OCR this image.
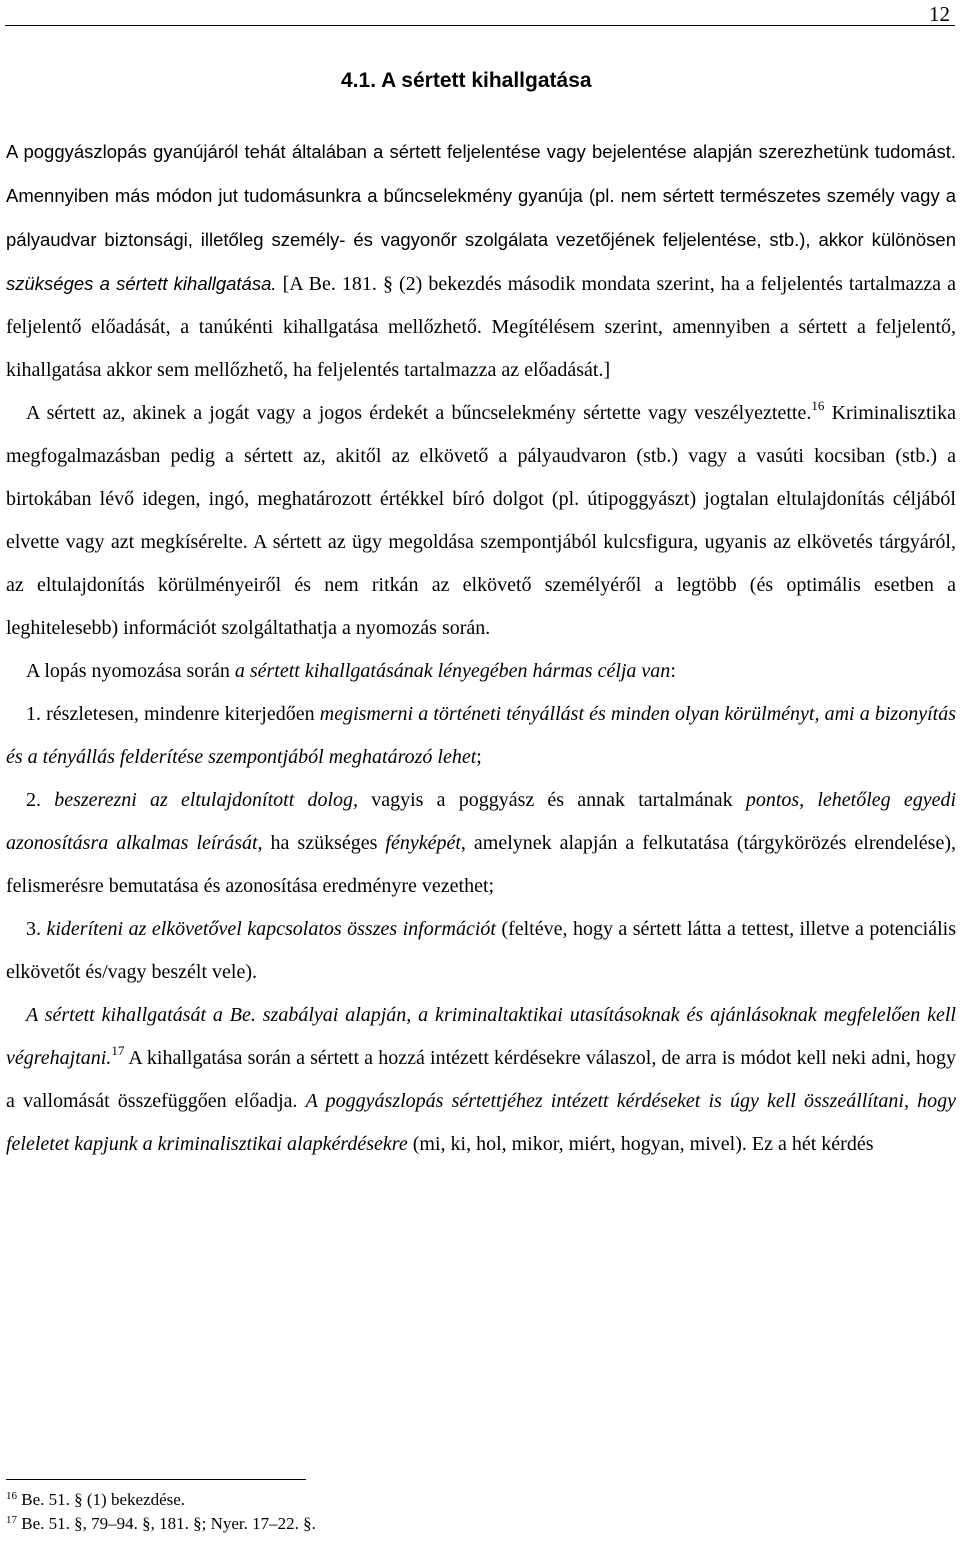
12
4.1. A sértett kihallgatása

A poggyászlopás gyanújáról tehát általában a sértett feljelentése vagy bejelentése alapján szerezhetünk tudomást. Amennyiben más módon jut tudomásunkra a bűncselekmény gyanúja (pl. nem sértett természetes személy vagy a pályaudvar biztonsági, illetőleg személy- és vagyonőr szolgálata vezetőjének feljelentése, stb.), akkor különösen szükséges a sértett kihallgatása. [A Be. 181. § (2) bekezdés második mondata szerint, ha a feljelentés tartalmazza a feljelentő előadását, a tanúkénti kihallgatása mellőzhető. Megítélésem szerint, amennyiben a sértett a feljelentő, kihallgatása akkor sem mellőzhető, ha feljelentés tartalmazza az előadását.]

A sértett az, akinek a jogát vagy a jogos érdekét a bűncselekmény sértette vagy veszélyeztette.$^{16}$ Kriminalisztika megfogalmazásban pedig a sértett az, akitől az elkövető a pályaudvaron (stb.) vagy a vasúti kocsiban (stb.) a birtokában lévő idegen, ingó, meghatározott értékkel bíró dolgot (pl. útipoggyászt) jogtalan eltulajdonítás céljából elvette vagy azt megkísérelte. A sértett az ügy megoldása szempontjából kulcsfigura, ugyanis az elkövetés tárgyáról, az eltulajdonítás körülményeiről és nem ritkán az elkövető személyéről a legtöbb (és optimális esetben a leghitelesebb) információt szolgáltathatja a nyomozás során.

A lopás nyomozása során a sértett kihallgatásának lényegében hármas célja van:

1. részletesen, mindenre kiterjedően megismerni a történeti tényállást és minden olyan körülményt, ami a bizonyítás és a tényállás felderítése szempontjából meghatározó lehet;

2. beszerezni az eltulajdonított dolog, vagyis a poggyász és annak tartalmának pontos, lehetőleg egyedi azonosításra alkalmas leírását, ha szükséges fényképét, amelynek alapján a felkutatása (tárgykörözés elrendelése), felismerésre bemutatása és azonosítása eredményre vezethet;

3. kideríteni az elkövetővel kapcsolatos összes információt (feltéve, hogy a sértett látta a tettest, illetve a potenciális elkövetőt és/vagy beszélt vele).

A sértett kihallgatását a Be. szabályai alapján, a kriminaltaktikai utasításoknak és ajánlásoknak megfelelően kell végrehajtani.$^{17}$ A kihallgatása során a sértett a hozzá intézett kérdésekre válaszol, de arra is módot kell neki adni, hogy a vallomását összefüggően előadja. A poggyászlopás sértettjéhez intézett kérdéseket is úgy kell összeállítani, hogy feleletet kapjunk a kriminalisztikai alapkérdésekre (mi, ki, hol, mikor, miért, hogyan, mivel). Ez a hét kérdés

$^{16}$ Be. 51. § (1) bekezdése.
$^{17}$ Be. 51. §, 79–94. §, 181. §; Nyer. 17–22. §.
